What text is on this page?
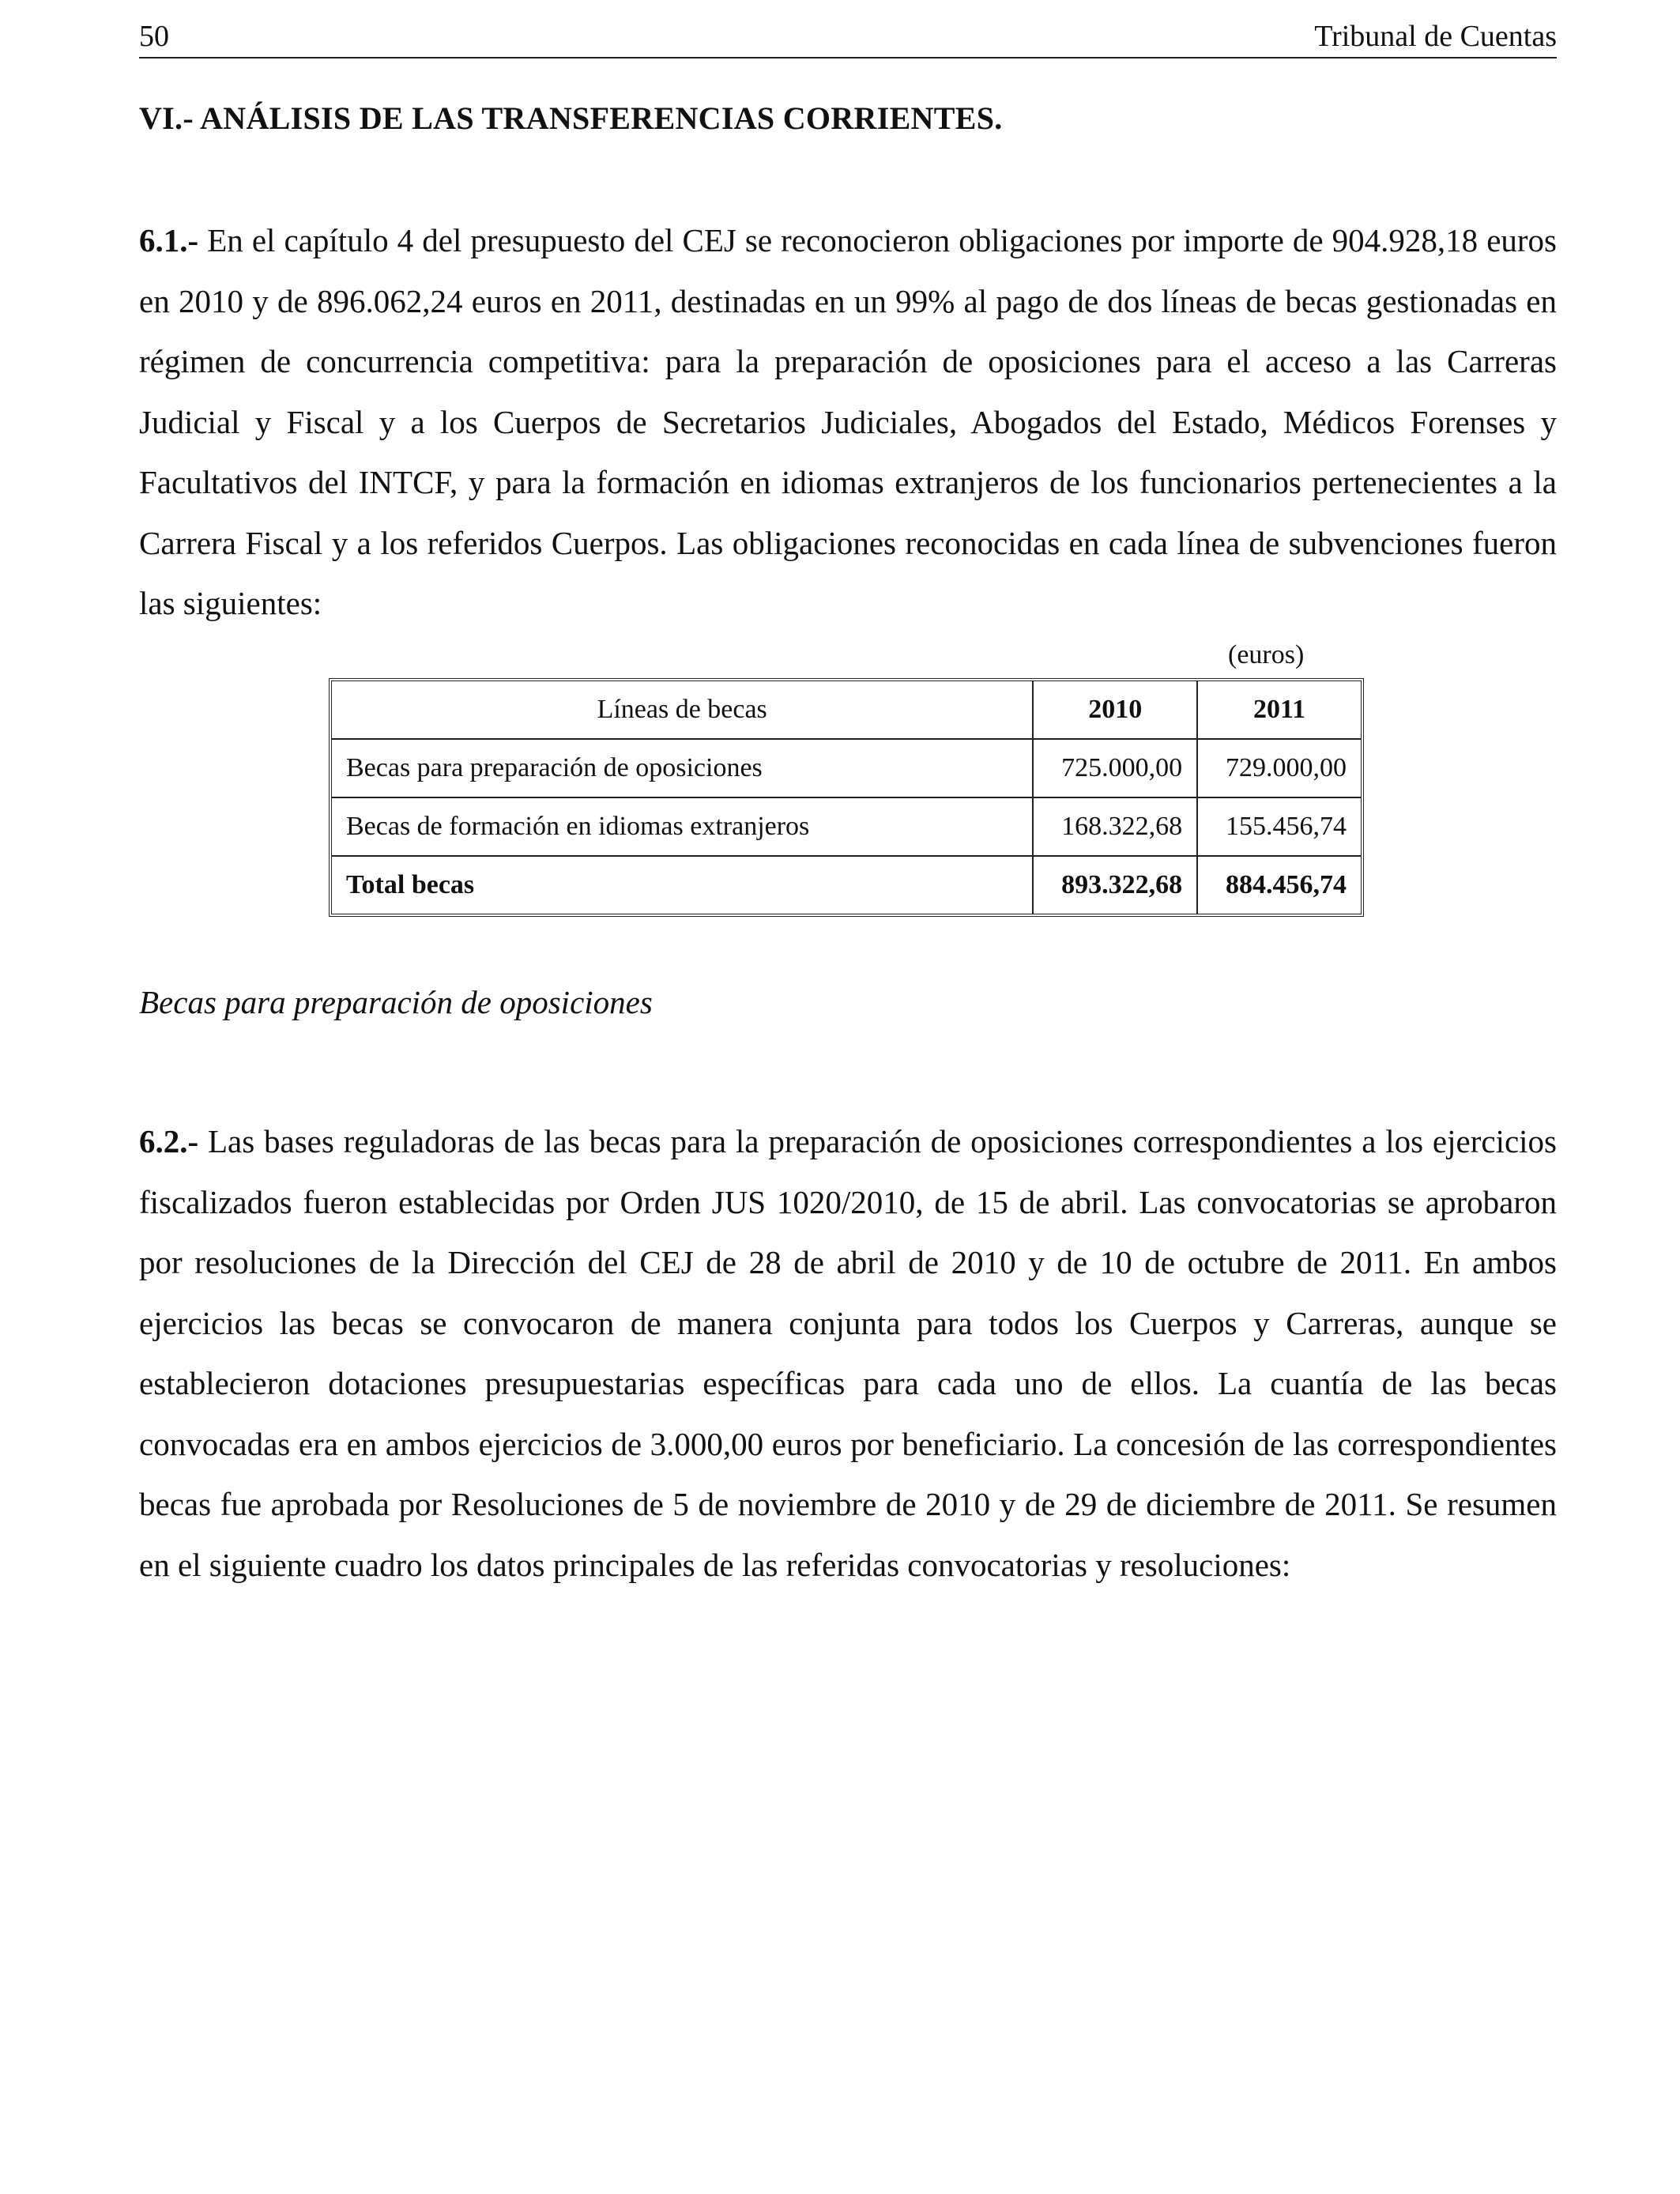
50	Tribunal de Cuentas
VI.- ANÁLISIS DE LAS TRANSFERENCIAS CORRIENTES.
6.1.- En el capítulo 4 del presupuesto del CEJ se reconocieron obligaciones por importe de 904.928,18 euros en 2010 y de 896.062,24 euros en 2011, destinadas en un 99% al pago de dos líneas de becas gestionadas en régimen de concurrencia competitiva: para la preparación de oposiciones para el acceso a las Carreras Judicial y Fiscal y a los Cuerpos de Secretarios Judiciales, Abogados del Estado, Médicos Forenses y Facultativos del INTCF, y para la formación en idiomas extranjeros de los funcionarios pertenecientes a la Carrera Fiscal y a los referidos Cuerpos. Las obligaciones reconocidas en cada línea de subvenciones fueron las siguientes:
(euros)
Líneas de becas	2010	2011
Becas para preparación de oposiciones	725.000,00	729.000,00
Becas de formación en idiomas extranjeros	168.322,68	155.456,74
Total becas	893.322,68	884.456,74
Becas para preparación de oposiciones
6.2.- Las bases reguladoras de las becas para la preparación de oposiciones correspondientes a los ejercicios fiscalizados fueron establecidas por Orden JUS 1020/2010, de 15 de abril. Las convocatorias se aprobaron por resoluciones de la Dirección del CEJ de 28 de abril de 2010 y de 10 de octubre de 2011. En ambos ejercicios las becas se convocaron de manera conjunta para todos los Cuerpos y Carreras, aunque se establecieron dotaciones presupuestarias específicas para cada uno de ellos. La cuantía de las becas convocadas era en ambos ejercicios de 3.000,00 euros por beneficiario. La concesión de las correspondientes becas fue aprobada por Resoluciones de 5 de noviembre de 2010 y de 29 de diciembre de 2011. Se resumen en el siguiente cuadro los datos principales de las referidas convocatorias y resoluciones:
